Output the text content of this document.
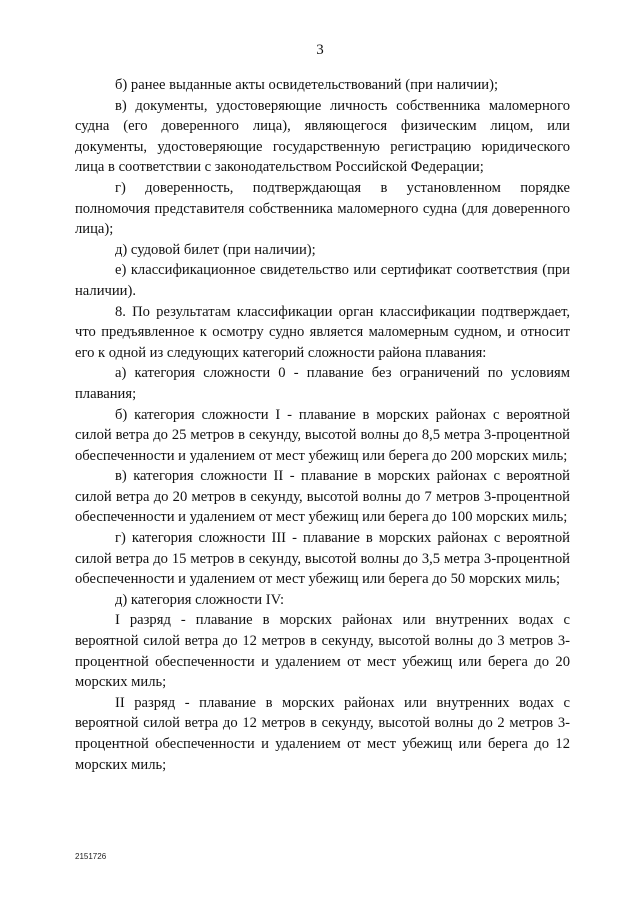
3

б) ранее выданные акты освидетельствований (при наличии);

в) документы, удостоверяющие личность собственника маломерного судна (его доверенного лица), являющегося физическим лицом, или документы, удостоверяющие государственную регистрацию юридического лица в соответствии с законодательством Российской Федерации;

г) доверенность, подтверждающая в установленном порядке полномочия представителя собственника маломерного судна (для доверенного лица);

д) судовой билет (при наличии);

е) классификационное свидетельство или сертификат соответствия (при наличии).

8. По результатам классификации орган классификации подтверждает, что предъявленное к осмотру судно является маломерным судном, и относит его к одной из следующих категорий сложности района плавания:

а) категория сложности 0 - плавание без ограничений по условиям плавания;

б) категория сложности I - плавание в морских районах с вероятной силой ветра до 25 метров в секунду, высотой волны до 8,5 метра 3-процентной обеспеченности и удалением от мест убежищ или берега до 200 морских миль;

в) категория сложности II - плавание в морских районах с вероятной силой ветра до 20 метров в секунду, высотой волны до 7 метров 3-процентной обеспеченности и удалением от мест убежищ или берега до 100 морских миль;

г) категория сложности III - плавание в морских районах с вероятной силой ветра до 15 метров в секунду, высотой волны до 3,5 метра 3-процентной обеспеченности и удалением от мест убежищ или берега до 50 морских миль;

д) категория сложности IV:

I разряд - плавание в морских районах или внутренних водах с вероятной силой ветра до 12 метров в секунду, высотой волны до 3 метров 3-процентной обеспеченности и удалением от мест убежищ или берега до 20 морских миль;

II разряд - плавание в морских районах или внутренних водах с вероятной силой ветра до 12 метров в секунду, высотой волны до 2 метров 3-процентной обеспеченности и удалением от мест убежищ или берега до 12 морских миль;

2151726
